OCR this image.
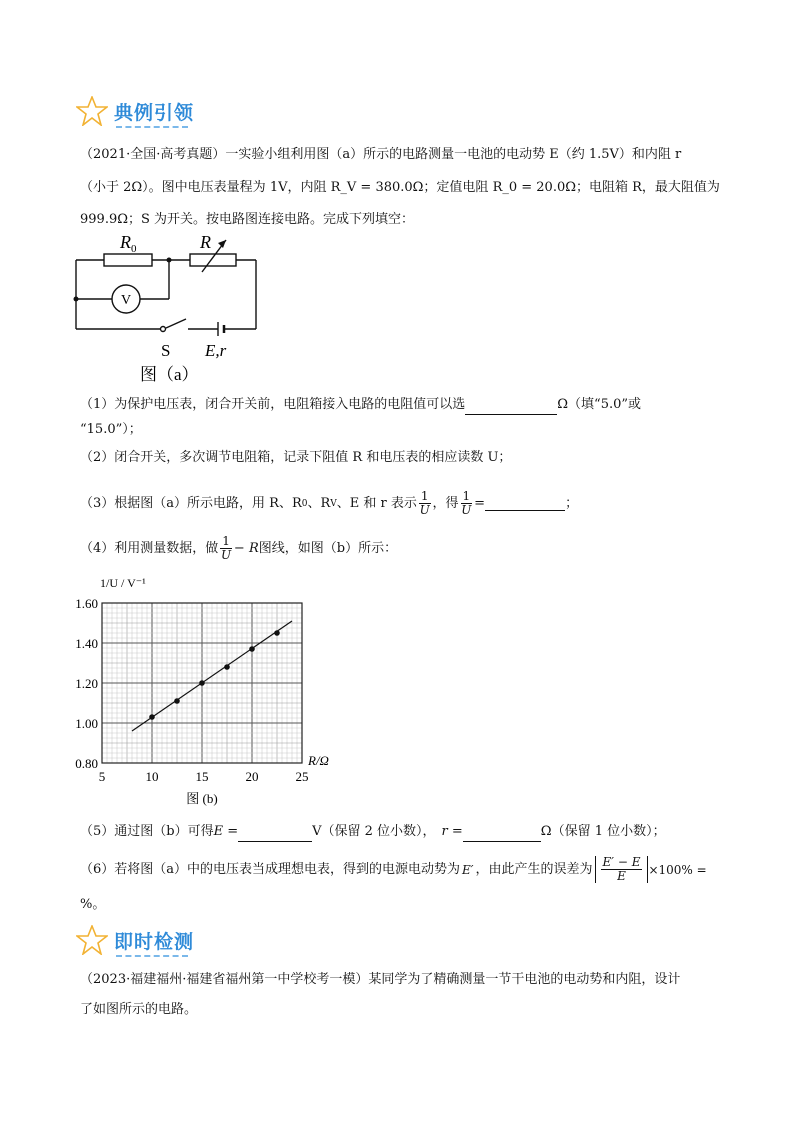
典例引领
（2021·全国·高考真题）一实验小组利用图（a）所示的电路测量一电池的电动势 E（约 1.5V）和内阻 r
（小于 2Ω）。图中电压表量程为 1V，内阻 R_V = 380.0Ω；定值电阻 R_0 = 20.0Ω；电阻箱 R，最大阻值为
999.9Ω；S 为开关。按电路图连接电路。完成下列填空：
$R_0$	R
V
S E,r
图（a）
（1）为保护电压表，闭合开关前，电阻箱接入电路的电阻值可以选	Ω（填“5.0”或
“15.0”）；
（2）闭合开关，多次调节电阻箱，记录下阻值 R 和电压表的相应读数 U；
（3）根据图（a）所示电路，用 R、R 0 、R V 、E 和 r 表示 $\frac{1}{U}$ ，得 $\frac{1}{U}$ =	；
（4）利用测量数据，做 $\frac{1}{U} - R$ 图线，如图（b）所示：
5	10	15	20	25
0.80
1.00
1.20
1.40
1.60
R/Ω
1/U / V⁻¹
图 (b)
（5）通过图（b）可得 E =	V（保留 2 位小数）， r =	Ω（保留 1 位小数）；
（6）若将图（a）中的电压表当成理想电表，得到的电源电动势为 E′ ，由此产生的误差为 $\frac{E' - E}{E} \times 100\%$ =
%。
即时检测
（2023·福建福州·福建省福州第一中学校考一模）某同学为了精确测量一节干电池的电动势和内阻，设计
了如图所示的电路。
